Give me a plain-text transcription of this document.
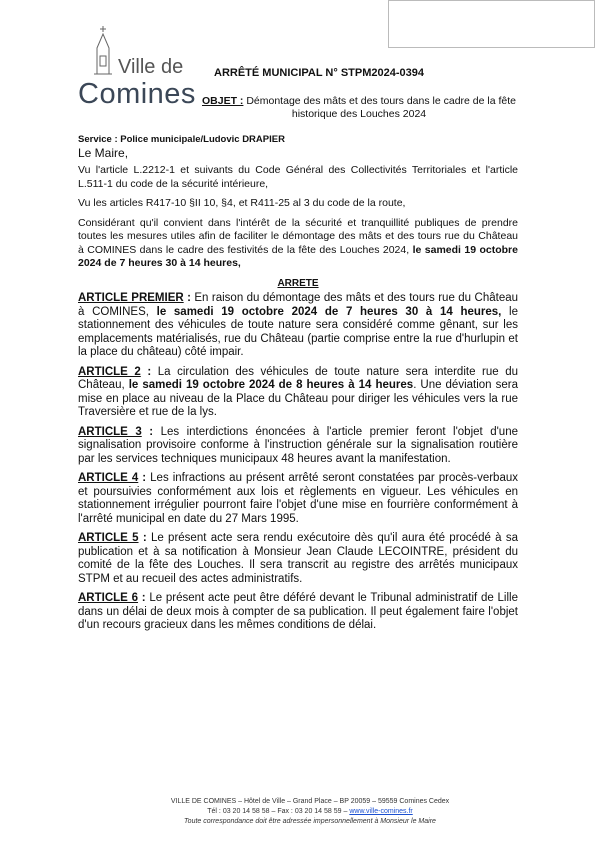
Ville de
Comines
ARRÊTÉ MUNICIPAL N° STPM2024-0394
OBJET : Démontage des mâts et des tours dans le cadre de la fête historique des Louches 2024

Service : Police municipale/Ludovic DRAPIER

Le Maire,

Vu l'article L.2212-1 et suivants du Code Général des Collectivités Territoriales et l'article L.511-1 du code de la sécurité intérieure,

Vu les articles R417-10 §II 10, §4, et R411-25 al 3 du code de la route,

Considérant qu'il convient dans l'intérêt de la sécurité et tranquillité publiques de prendre toutes les mesures utiles afin de faciliter le démontage des mâts et des tours rue du Château à COMINES dans le cadre des festivités de la fête des Louches 2024, le samedi 19 octobre 2024 de 7 heures 30 à 14 heures,

ARRETE

ARTICLE PREMIER : En raison du démontage des mâts et des tours rue du Château à COMINES, le samedi 19 octobre 2024 de 7 heures 30 à 14 heures, le stationnement des véhicules de toute nature sera considéré comme gênant, sur les emplacements matérialisés, rue du Château (partie comprise entre la rue d'hurlupin et la place du château) côté impair.

ARTICLE 2 : La circulation des véhicules de toute nature sera interdite rue du Château, le samedi 19 octobre 2024 de 8 heures à 14 heures. Une déviation sera mise en place au niveau de la Place du Château pour diriger les véhicules vers la rue Traversière et rue de la lys.

ARTICLE 3 : Les interdictions énoncées à l'article premier feront l'objet d'une signalisation provisoire conforme à l'instruction générale sur la signalisation routière par les services techniques municipaux 48 heures avant la manifestation.

ARTICLE 4 : Les infractions au présent arrêté seront constatées par procès-verbaux et poursuivies conformément aux lois et règlements en vigueur. Les véhicules en stationnement irrégulier pourront faire l'objet d'une mise en fourrière conformément à l'arrêté municipal en date du 27 Mars 1995.

ARTICLE 5 : Le présent acte sera rendu exécutoire dès qu'il aura été procédé à sa publication et à sa notification à Monsieur Jean Claude LECOINTRE, président du comité de la fête des Louches. Il sera transcrit au registre des arrêtés municipaux STPM et au recueil des actes administratifs.

ARTICLE 6 : Le présent acte peut être déféré devant le Tribunal administratif de Lille dans un délai de deux mois à compter de sa publication. Il peut également faire l'objet d'un recours gracieux dans les mêmes conditions de délai.

VILLE DE COMINES – Hôtel de Ville – Grand Place – BP 20059 – 59559 Comines Cedex
Tél : 03 20 14 58 58 – Fax : 03 20 14 58 59 – www.ville-comines.fr
Toute correspondance doit être adressée impersonnellement à Monsieur le Maire
